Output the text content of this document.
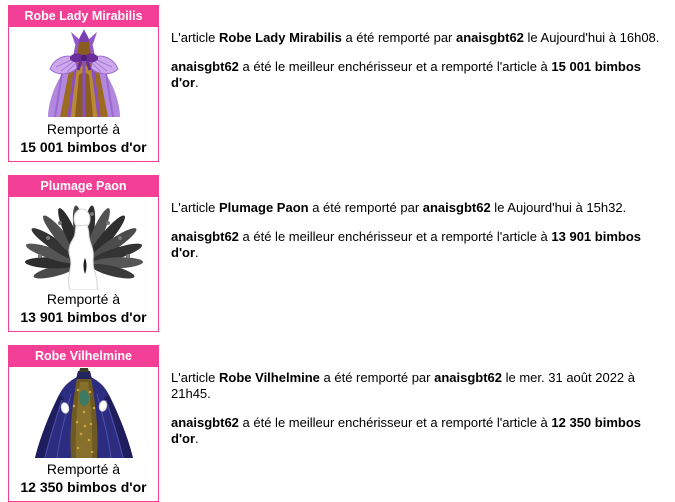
Robe Lady Mirabilis
Remporté à
15 001 bimbos d'or

L'article Robe Lady Mirabilis a été remporté par anaisgbt62 le Aujourd'hui à 16h08.

anaisgbt62 a été le meilleur enchérisseur et a remporté l'article à 15 001 bimbos d'or.

Plumage Paon
Remporté à
13 901 bimbos d'or

L'article Plumage Paon a été remporté par anaisgbt62 le Aujourd'hui à 15h32.

anaisgbt62 a été le meilleur enchérisseur et a remporté l'article à 13 901 bimbos d'or.

Robe Vilhelmine
Remporté à
12 350 bimbos d'or

L'article Robe Vilhelmine a été remporté par anaisgbt62 le mer. 31 août 2022 à 21h45.

anaisgbt62 a été le meilleur enchérisseur et a remporté l'article à 12 350 bimbos d'or.
